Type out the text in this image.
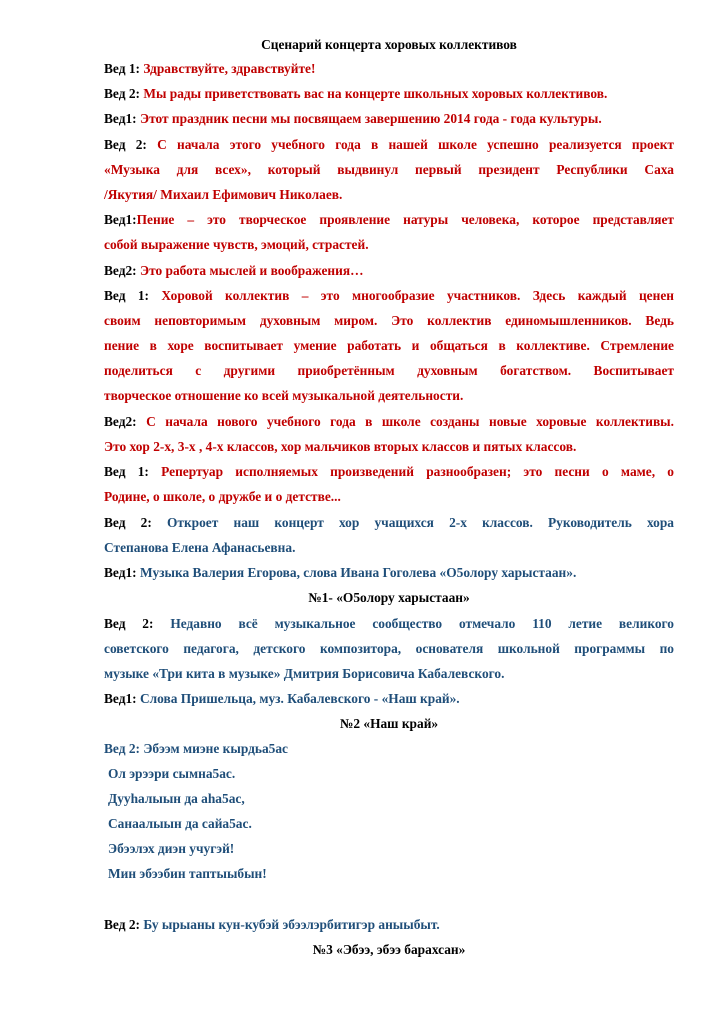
Сценарий концерта хоровых коллективов
Вед 1: Здравствуйте, здравствуйте!
Вед 2: Мы рады приветствовать вас на концерте школьных хоровых коллективов.
Вед1: Этот праздник песни мы посвящаем завершению 2014 года - года культуры.
Вед 2: С начала этого учебного года в нашей школе успешно реализуется проект
«Музыка для всех», который выдвинул первый президент Республики Саха
/Якутия/ Михаил Ефимович Николаев.
Вед1:Пение – это творческое проявление натуры человека, которое представляет
собой выражение чувств, эмоций, страстей.
Вед2: Это работа мыслей и воображения…
Вед 1: Хоровой коллектив – это многообразие участников. Здесь каждый ценен
своим неповторимым духовным миром. Это коллектив единомышленников. Ведь
пение в хоре воспитывает умение работать и общаться в коллективе. Стремление
поделиться с другими приобретённым духовным богатством. Воспитывает
творческое отношение ко всей музыкальной деятельности.
Вед2: С начала нового учебного года в школе созданы новые хоровые коллективы.
Это хор 2-х, 3-х , 4-х классов, хор мальчиков вторых классов и пятых классов.
Вед 1: Репертуар исполняемых произведений разнообразен; это песни о маме, о
Родине, о школе, о дружбе и о детстве...
Вед 2: Откроет наш концерт хор учащихся 2-х классов. Руководитель хора
Степанова Елена Афанасьевна.
Вед1: Музыка Валерия Егорова, слова Ивана Гоголева «О5олору харыстаан».
№1- «О5олору харыстаан»
Вед 2: Недавно всё музыкальное сообщество отмечало 110 летие великого
советского педагога, детского композитора, основателя школьной программы по
музыке «Три кита в музыке» Дмитрия Борисовича Кабалевского.
Вед1: Слова Пришельца, муз. Кабалевского - «Наш край».
№2 «Наш край»
Вед 2: Эбээм миэне кырдьа5ас
Ол эрээри сымна5ас.
Дууhалыын да аhа5ас,
Санаалыын да сайа5ас.
Эбээлэх диэн учугэй!
Мин эбээбин таптыыбын!
Вед 2: Бу ырыаны кун-кубэй эбээлэрбитигэр аныыбыт.
№3 «Эбээ, эбээ барахсан»
